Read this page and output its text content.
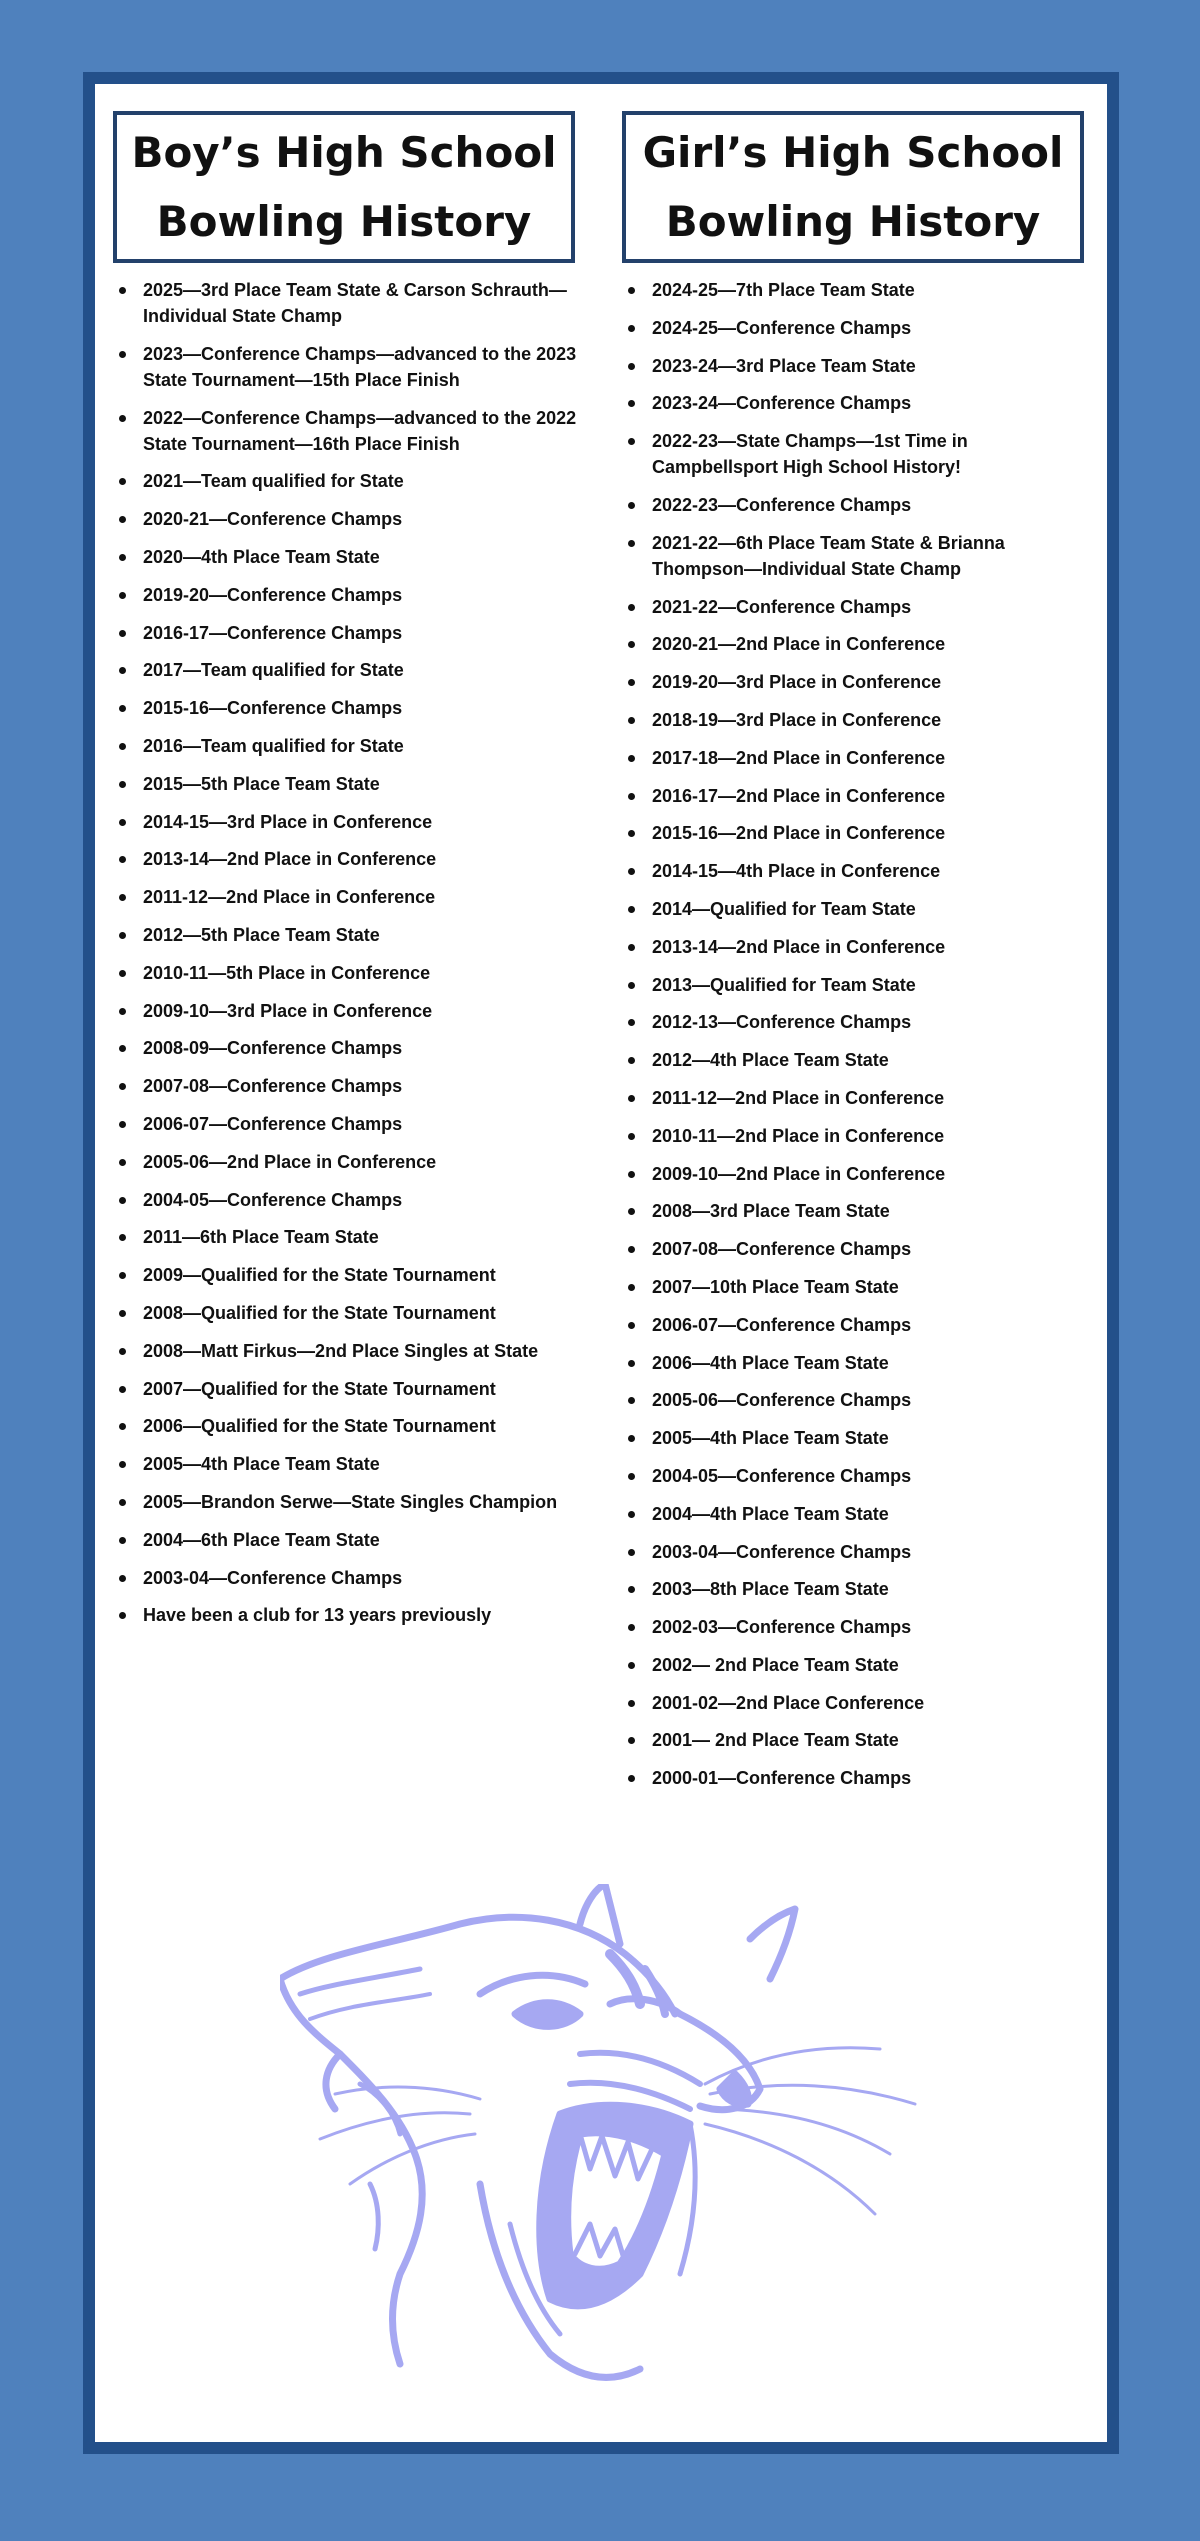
Boy’s High School
Bowling History
2025—3rd Place Team State & Carson Schrauth—Individual State Champ
2023—Conference Champs—advanced to the 2023 State Tournament—15th Place Finish
2022—Conference Champs—advanced to the 2022 State Tournament—16th Place Finish
2021—Team qualified for State
2020-21—Conference Champs
2020—4th Place Team State
2019-20—Conference Champs
2016-17—Conference Champs
2017—Team qualified for State
2015-16—Conference Champs
2016—Team qualified for State
2015—5th Place Team State
2014-15—3rd Place in Conference
2013-14—2nd Place in Conference
2011-12—2nd Place in Conference
2012—5th Place Team State
2010-11—5th Place in Conference
2009-10—3rd Place in Conference
2008-09—Conference Champs
2007-08—Conference Champs
2006-07—Conference Champs
2005-06—2nd Place in Conference
2004-05—Conference Champs
2011—6th Place Team State
2009—Qualified for the State Tournament
2008—Qualified for the State Tournament
2008—Matt Firkus—2nd Place Singles at State
2007—Qualified for the State Tournament
2006—Qualified for the State Tournament
2005—4th Place Team State
2005—Brandon Serwe—State Singles Champion
2004—6th Place Team State
2003-04—Conference Champs
Have been a club for 13 years previously
Girl’s High School
Bowling History
2024-25—7th Place Team State
2024-25—Conference Champs
2023-24—3rd Place Team State
2023-24—Conference Champs
2022-23—State Champs—1st Time in Campbellsport High School History!
2022-23—Conference Champs
2021-22—6th Place Team State & Brianna Thompson—Individual State Champ
2021-22—Conference Champs
2020-21—2nd Place in Conference
2019-20—3rd Place in Conference
2018-19—3rd Place in Conference
2017-18—2nd Place in Conference
2016-17—2nd Place in Conference
2015-16—2nd Place in Conference
2014-15—4th Place in Conference
2014—Qualified for Team State
2013-14—2nd Place in Conference
2013—Qualified for Team State
2012-13—Conference Champs
2012—4th Place Team State
2011-12—2nd Place in Conference
2010-11—2nd Place in Conference
2009-10—2nd Place in Conference
2008—3rd Place Team State
2007-08—Conference Champs
2007—10th Place Team State
2006-07—Conference Champs
2006—4th Place Team State
2005-06—Conference Champs
2005—4th Place Team State
2004-05—Conference Champs
2004—4th Place Team State
2003-04—Conference Champs
2003—8th Place Team State
2002-03—Conference Champs
2002— 2nd Place Team State
2001-02—2nd Place Conference
2001— 2nd Place Team State
2000-01—Conference Champs
